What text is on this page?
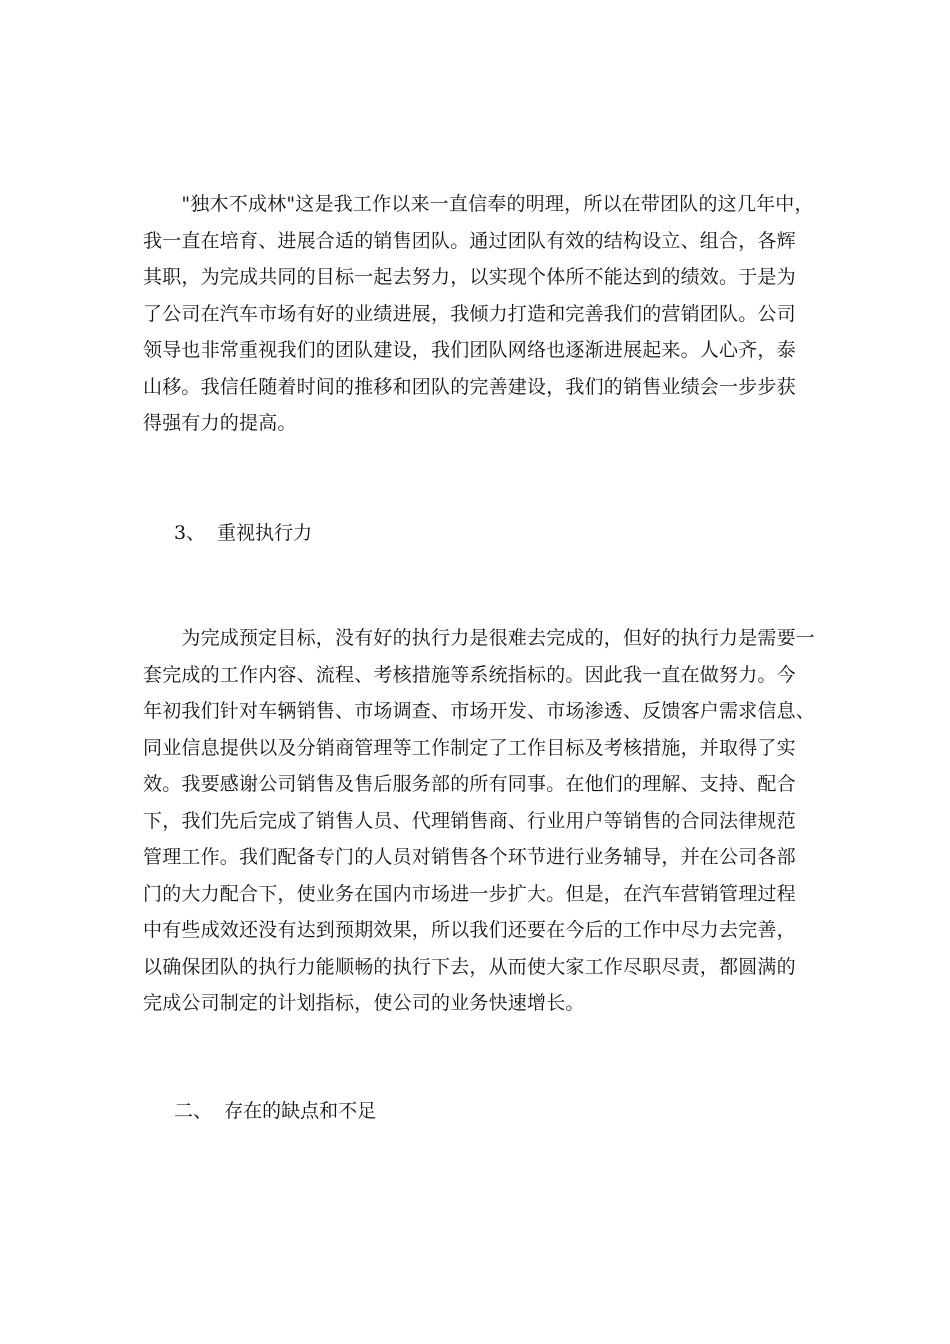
　　"独木不成林"这是我工作以来一直信奉的明理，所以在带团队的这几年中，
我一直在培育、进展合适的销售团队。通过团队有效的结构设立、组合，各辉
其职，为完成共同的目标一起去努力，以实现个体所不能达到的绩效。于是为
了公司在汽车市场有好的业绩进展，我倾力打造和完善我们的营销团队。公司
领导也非常重视我们的团队建设，我们团队网络也逐渐进展起来。人心齐，泰
山移。我信任随着时间的推移和团队的完善建设，我们的销售业绩会一步步获
得强有力的提高。
3、  重视执行力
　　为完成预定目标，没有好的执行力是很难去完成的，但好的执行力是需要一
套完成的工作内容、流程、考核措施等系统指标的。因此我一直在做努力。今
年初我们针对车辆销售、市场调查、市场开发、市场渗透、反馈客户需求信息、
同业信息提供以及分销商管理等工作制定了工作目标及考核措施，并取得了实
效。我要感谢公司销售及售后服务部的所有同事。在他们的理解、支持、配合
下，我们先后完成了销售人员、代理销售商、行业用户等销售的合同法律规范
管理工作。我们配备专门的人员对销售各个环节进行业务辅导，并在公司各部
门的大力配合下，使业务在国内市场进一步扩大。但是，在汽车营销管理过程
中有些成效还没有达到预期效果，所以我们还要在今后的工作中尽力去完善，
以确保团队的执行力能顺畅的执行下去，从而使大家工作尽职尽责，都圆满的
完成公司制定的计划指标，使公司的业务快速增长。
二、  存在的缺点和不足
